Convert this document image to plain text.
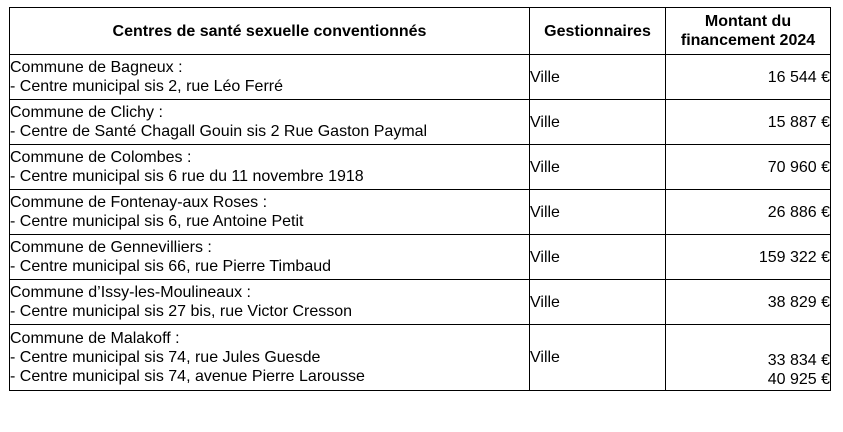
Centres de santé sexuelle conventionnés	Gestionnaires	Montant du
financement 2024

Commune de Bagneux :
- Centre municipal sis 2, rue Léo Ferré	Ville	16 544 €

Commune de Clichy :
- Centre de Santé Chagall Gouin sis 2 Rue Gaston Paymal	Ville	15 887 €

Commune de Colombes :
- Centre municipal sis 6 rue du 11 novembre 1918	Ville	70 960 €

Commune de Fontenay-aux Roses :
- Centre municipal sis 6, rue Antoine Petit	Ville	26 886 €

Commune de Gennevilliers :
- Centre municipal sis 66, rue Pierre Timbaud	Ville	159 322 €

Commune d’Issy-les-Moulineaux :
- Centre municipal sis 27 bis, rue Victor Cresson	Ville	38 829 €

Commune de Malakoff :
- Centre municipal sis 74, rue Jules Guesde
- Centre municipal sis 74, avenue Pierre Larousse	Ville	33 834 €
40 925 €
